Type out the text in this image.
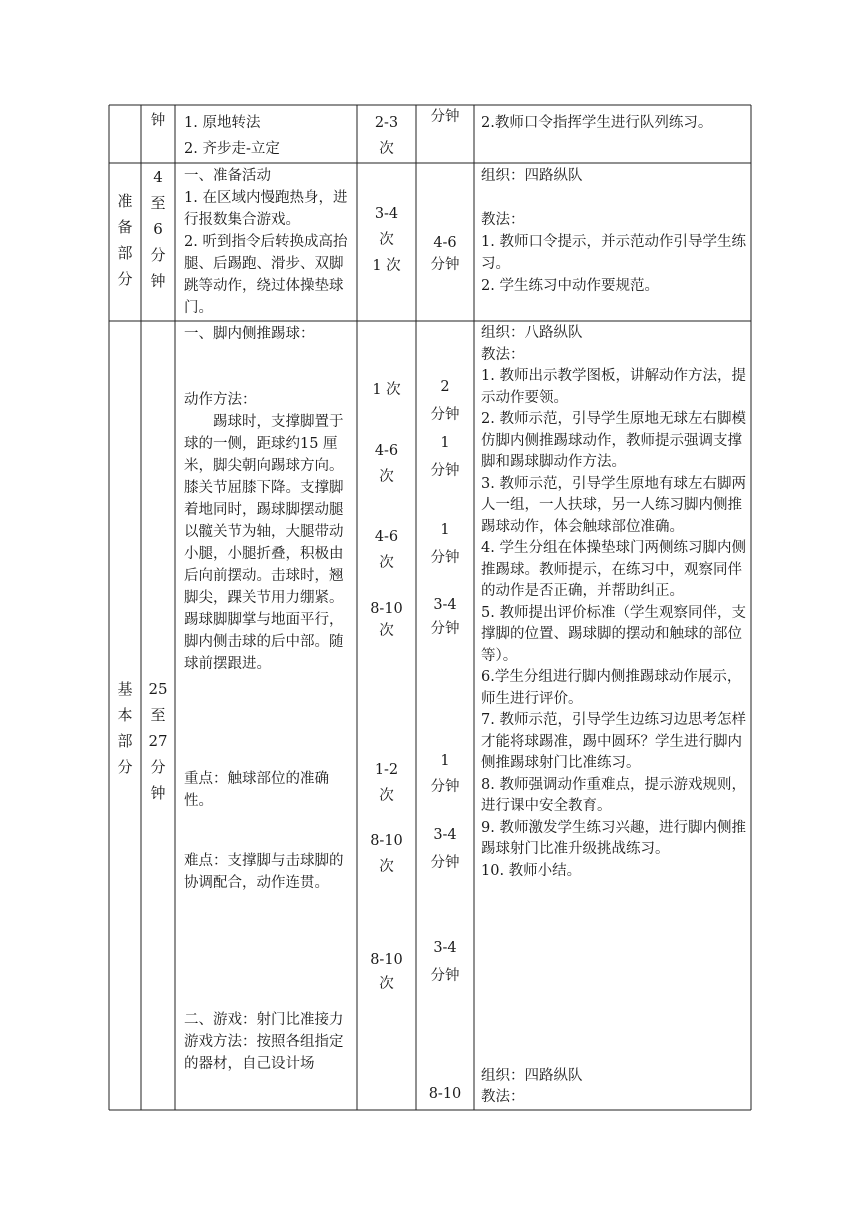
钟	1. 原地转法

2. 齐步走-立定

2-3
次
分钟	2.教师口令指挥学生进行队列练习。
准
备
部
分
4
至
6
分
钟

一、准备活动

1. 在区域内慢跑热身，进行报数集合游戏。

2. 听到指令后转换成高抬腿、后踢跑、滑步、双脚跳等动作，绕过体操垫球门。

3-4
次
1 次
4-6
分钟

组织：四路纵队

教法：

1. 教师口令提示，并示范动作引导学生练习。

2. 学生练习中动作要规范。

基
本
部
分
25
至
27
分
钟

一、脚内侧推踢球：

动作方法：

踢球时，支撑脚置于球的一侧，距球约15 厘米，脚尖朝向踢球方向。膝关节屈膝下降。支撑脚着地同时，踢球脚摆动腿以髋关节为轴，大腿带动小腿，小腿折叠，积极由后向前摆动。击球时，翘脚尖，踝关节用力绷紧。踢球脚脚掌与地面平行，脚内侧击球的后中部。随球前摆跟进。

重点：触球部位的准确性。

难点：支撑脚与击球脚的协调配合，动作连贯。

二、游戏：射门比准接力

游戏方法：按照各组指定的器材，自己设计场

1 次
4-6
次
4-6
次
8-10
次
1-2
次
8-10
次
8-10
次
2
分钟
1
分钟
1
分钟
3-4
分钟
1
分钟
3-4
分钟
3-4
分钟
8-10

组织：八路纵队

教法：

1. 教师出示教学图板，讲解动作方法，提示动作要领。

2. 教师示范，引导学生原地无球左右脚模仿脚内侧推踢球动作，教师提示强调支撑脚和踢球脚动作方法。

3. 教师示范，引导学生原地有球左右脚两人一组，一人扶球，另一人练习脚内侧推踢球动作，体会触球部位准确。

4. 学生分组在体操垫球门两侧练习脚内侧推踢球。教师提示，在练习中，观察同伴的动作是否正确，并帮助纠正。

5. 教师提出评价标准（学生观察同伴，支撑脚的位置、踢球脚的摆动和触球的部位等）。

6.学生分组进行脚内侧推踢球动作展示，师生进行评价。

7. 教师示范，引导学生边练习边思考怎样才能将球踢准，踢中圆环？学生进行脚内侧推踢球射门比准练习。

8. 教师强调动作重难点，提示游戏规则，进行课中安全教育。

9. 教师激发学生练习兴趣，进行脚内侧推踢球射门比准升级挑战练习。

10. 教师小结。

组织：四路纵队

教法：
